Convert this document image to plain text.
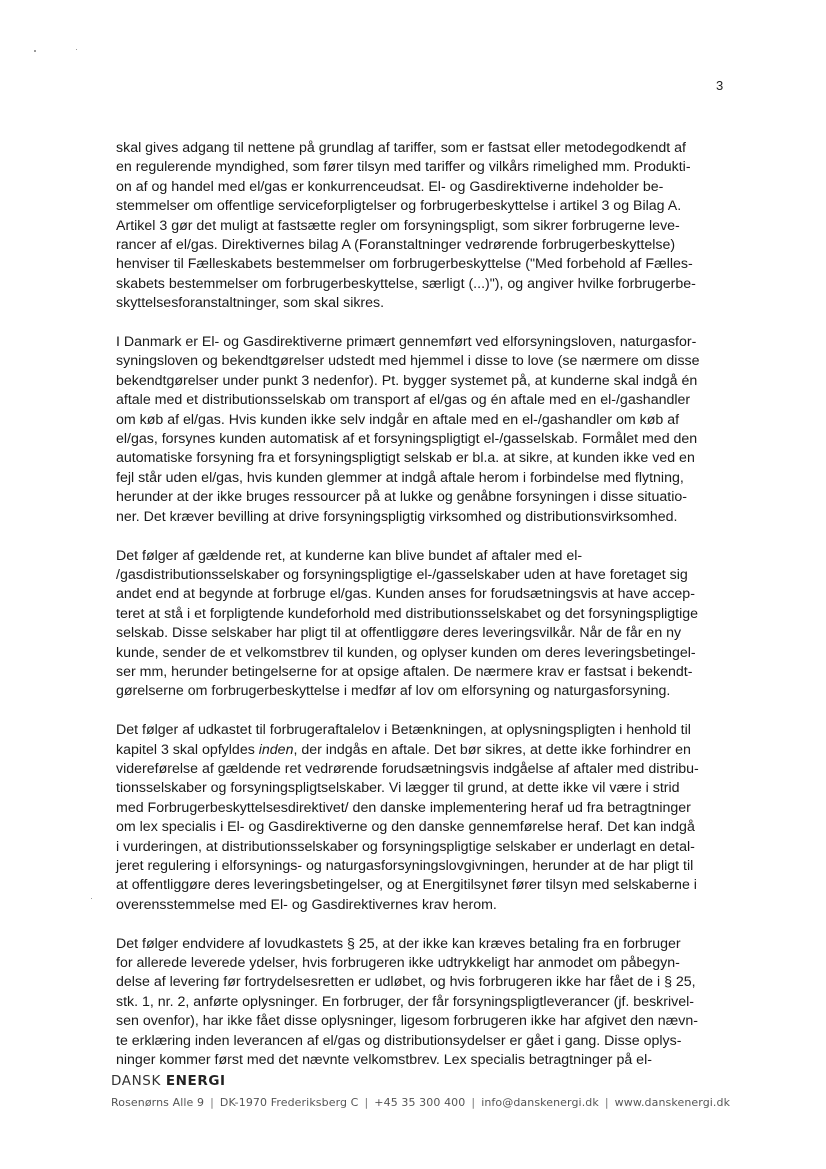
3

skal gives adgang til nettene på grundlag af tariffer, som er fastsat eller metodegodkendt af
en regulerende myndighed, som fører tilsyn med tariffer og vilkårs rimelighed mm. Produkti-
on af og handel med el/gas er konkurrenceudsat. El- og Gasdirektiverne indeholder be-
stemmelser om offentlige serviceforpligtelser og forbrugerbeskyttelse i artikel 3 og Bilag A.
Artikel 3 gør det muligt at fastsætte regler om forsyningspligt, som sikrer forbrugerne leve-
rancer af el/gas. Direktivernes bilag A (Foranstaltninger vedrørende forbrugerbeskyttelse)
henviser til Fælleskabets bestemmelser om forbrugerbeskyttelse ("Med forbehold af Fælles-
skabets bestemmelser om forbrugerbeskyttelse, særligt (...)"), og angiver hvilke forbrugerbe-
skyttelsesforanstaltninger, som skal sikres.

I Danmark er El- og Gasdirektiverne primært gennemført ved elforsyningsloven, naturgasfor-
syningsloven og bekendtgørelser udstedt med hjemmel i disse to love (se nærmere om disse
bekendtgørelser under punkt 3 nedenfor). Pt. bygger systemet på, at kunderne skal indgå én
aftale med et distributionsselskab om transport af el/gas og én aftale med en el-/gashandler
om køb af el/gas. Hvis kunden ikke selv indgår en aftale med en el-/gashandler om køb af
el/gas, forsynes kunden automatisk af et forsyningspligtigt el-/gasselskab. Formålet med den
automatiske forsyning fra et forsyningspligtigt selskab er bl.a. at sikre, at kunden ikke ved en
fejl står uden el/gas, hvis kunden glemmer at indgå aftale herom i forbindelse med flytning,
herunder at der ikke bruges ressourcer på at lukke og genåbne forsyningen i disse situatio-
ner. Det kræver bevilling at drive forsyningspligtig virksomhed og distributionsvirksomhed.

Det følger af gældende ret, at kunderne kan blive bundet af aftaler med el-
/gasdistributionsselskaber og forsyningspligtige el-/gasselskaber uden at have foretaget sig
andet end at begynde at forbruge el/gas. Kunden anses for forudsætningsvis at have accep-
teret at stå i et forpligtende kundeforhold med distributionsselskabet og det forsyningspligtige
selskab. Disse selskaber har pligt til at offentliggøre deres leveringsvilkår. Når de får en ny
kunde, sender de et velkomstbrev til kunden, og oplyser kunden om deres leveringsbetingel-
ser mm, herunder betingelserne for at opsige aftalen. De nærmere krav er fastsat i bekendt-
gørelserne om forbrugerbeskyttelse i medfør af lov om elforsyning og naturgasforsyning.

Det følger af udkastet til forbrugeraftalelov i Betænkningen, at oplysningspligten i henhold til
kapitel 3 skal opfyldes inden, der indgås en aftale. Det bør sikres, at dette ikke forhindrer en
videreførelse af gældende ret vedrørende forudsætningsvis indgåelse af aftaler med distribu-
tionsselskaber og forsyningspligtselskaber. Vi lægger til grund, at dette ikke vil være i strid
med Forbrugerbeskyttelsesdirektivet/ den danske implementering heraf ud fra betragtninger
om lex specialis i El- og Gasdirektiverne og den danske gennemførelse heraf. Det kan indgå
i vurderingen, at distributionsselskaber og forsyningspligtige selskaber er underlagt en detal-
jeret regulering i elforsynings- og naturgasforsyningslovgivningen, herunder at de har pligt til
at offentliggøre deres leveringsbetingelser, og at Energitilsynet fører tilsyn med selskaberne i
overensstemmelse med El- og Gasdirektivernes krav herom.

Det følger endvidere af lovudkastets § 25, at der ikke kan kræves betaling fra en forbruger
for allerede leverede ydelser, hvis forbrugeren ikke udtrykkeligt har anmodet om påbegyn-
delse af levering før fortrydelsesretten er udløbet, og hvis forbrugeren ikke har fået de i § 25,
stk. 1, nr. 2, anførte oplysninger. En forbruger, der får forsyningspligtleverancer (jf. beskrivel-
sen ovenfor), har ikke fået disse oplysninger, ligesom forbrugeren ikke har afgivet den nævn-
te erklæring inden leverancen af el/gas og distributionsydelser er gået i gang. Disse oplys-
ninger kommer først med det nævnte velkomstbrev. Lex specialis betragtninger på el-

DANSK ENERGI
Rosenørns Alle 9 | DK-1970 Frederiksberg C | +45 35 300 400 | info@danskenergi.dk | www.danskenergi.dk
